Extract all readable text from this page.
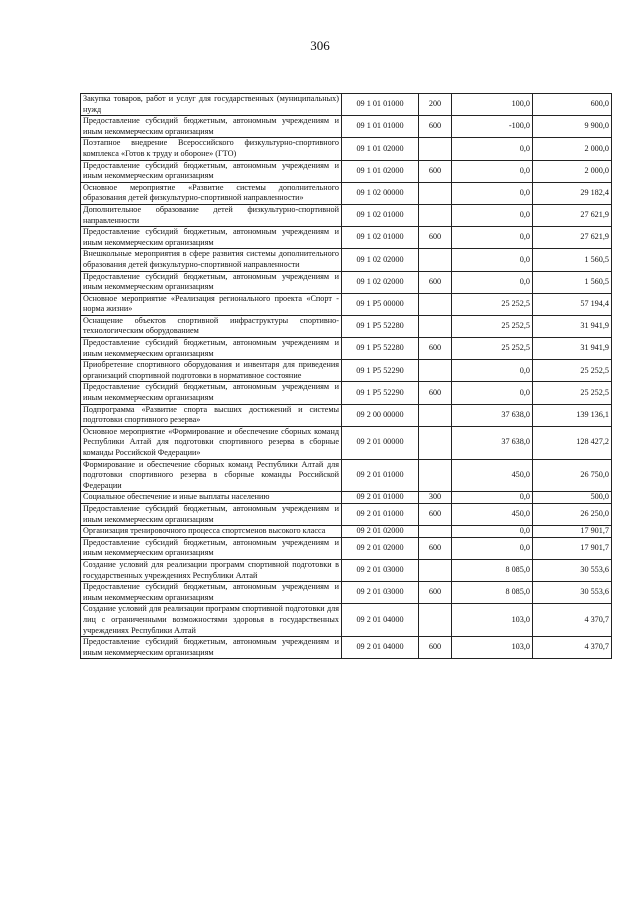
306
Закупка товаров, работ и услуг для государственных (муниципальных) нужд	09 1 01 01000	200	100,0	600,0
Предоставление субсидий бюджетным, автономным учреждениям и иным некоммерческим организациям	09 1 01 01000	600	-100,0	9 900,0
Поэтапное внедрение Всероссийского физкультурно-спортивного комплекса «Готов к труду и обороне» (ГТО)	09 1 01 02000		0,0	2 000,0
Предоставление субсидий бюджетным, автономным учреждениям и иным некоммерческим организациям	09 1 01 02000	600	0,0	2 000,0
Основное мероприятие «Развитие системы дополнительного образования детей физкультурно-спортивной направленности»	09 1 02 00000		0,0	29 182,4
Дополнительное образование детей физкультурно-спортивной направленности	09 1 02 01000		0,0	27 621,9
Предоставление субсидий бюджетным, автономным учреждениям и иным некоммерческим организациям	09 1 02 01000	600	0,0	27 621,9
Внешкольные мероприятия в сфере развития системы дополнительного образования детей физкультурно-спортивной направленности	09 1 02 02000		0,0	1 560,5
Предоставление субсидий бюджетным, автономным учреждениям и иным некоммерческим организациям	09 1 02 02000	600	0,0	1 560,5
Основное мероприятие «Реализация регионального проекта «Спорт - норма жизни»	09 1 P5 00000		25 252,5	57 194,4
Оснащение объектов спортивной инфраструктуры спортивно-технологическим оборудованием	09 1 P5 52280		25 252,5	31 941,9
Предоставление субсидий бюджетным, автономным учреждениям и иным некоммерческим организациям	09 1 P5 52280	600	25 252,5	31 941,9
Приобретение спортивного оборудования и инвентаря для приведения организаций спортивной подготовки в нормативное состояние	09 1 P5 52290		0,0	25 252,5
Предоставление субсидий бюджетным, автономным учреждениям и иным некоммерческим организациям	09 1 P5 52290	600	0,0	25 252,5
Подпрограмма «Развитие спорта высших достижений и системы подготовки спортивного резерва»	09 2 00 00000		37 638,0	139 136,1
Основное мероприятие «Формирование и обеспечение сборных команд Республики Алтай для подготовки спортивного резерва в сборные команды Российской Федерации»	09 2 01 00000		37 638,0	128 427,2
Формирование и обеспечение сборных команд Республики Алтай для подготовки спортивного резерва в сборные команды Российской Федерации	09 2 01 01000		450,0	26 750,0
Социальное обеспечение и иные выплаты населению	09 2 01 01000	300	0,0	500,0
Предоставление субсидий бюджетным, автономным учреждениям и иным некоммерческим организациям	09 2 01 01000	600	450,0	26 250,0
Организация тренировочного процесса спортсменов высокого класса	09 2 01 02000		0,0	17 901,7
Предоставление субсидий бюджетным, автономным учреждениям и иным некоммерческим организациям	09 2 01 02000	600	0,0	17 901,7
Создание условий для реализации программ спортивной подготовки в государственных учреждениях Республики Алтай	09 2 01 03000		8 085,0	30 553,6
Предоставление субсидий бюджетным, автономным учреждениям и иным некоммерческим организациям	09 2 01 03000	600	8 085,0	30 553,6
Создание условий для реализации программ спортивной подготовки для лиц с ограниченными возможностями здоровья в государственных учреждениях Республики Алтай	09 2 01 04000		103,0	4 370,7
Предоставление субсидий бюджетным, автономным учреждениям и иным некоммерческим организациям	09 2 01 04000	600	103,0	4 370,7
